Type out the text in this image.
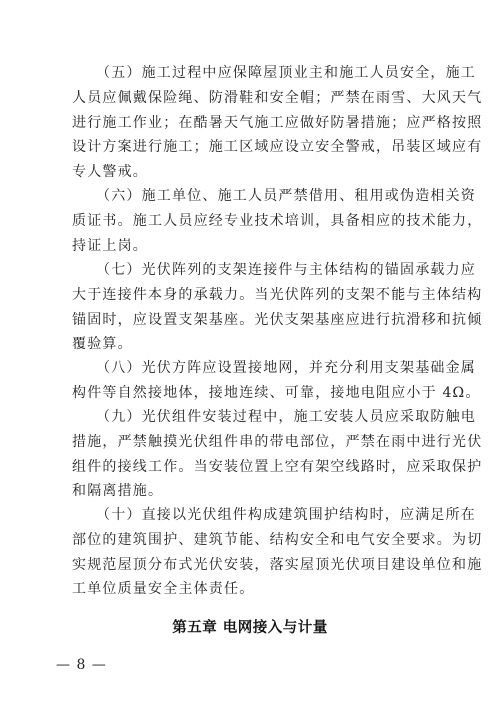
（五）施工过程中应保障屋顶业主和施工人员安全，施工
人员应佩戴保险绳、防滑鞋和安全帽；严禁在雨雪、大风天气
进行施工作业；在酷暑天气施工应做好防暑措施；应严格按照
设计方案进行施工；施工区域应设立安全警戒，吊装区域应有
专人警戒。
（六）施工单位、施工人员严禁借用、租用或伪造相关资
质证书。施工人员应经专业技术培训，具备相应的技术能力，
持证上岗。
（七）光伏阵列的支架连接件与主体结构的锚固承载力应
大于连接件本身的承载力。当光伏阵列的支架不能与主体结构
锚固时，应设置支架基座。光伏支架基座应进行抗滑移和抗倾
覆验算。
（八）光伏方阵应设置接地网，并充分利用支架基础金属
构件等自然接地体，接地连续、可靠，接地电阻应小于 4Ω。
（九）光伏组件安装过程中，施工安装人员应采取防触电
措施，严禁触摸光伏组件串的带电部位，严禁在雨中进行光伏
组件的接线工作。当安装位置上空有架空线路时，应采取保护
和隔离措施。
（十）直接以光伏组件构成建筑围护结构时，应满足所在
部位的建筑围护、建筑节能、结构安全和电气安全要求。为切
实规范屋顶分布式光伏安装，落实屋顶光伏项目建设单位和施
工单位质量安全主体责任。
第五章 电网接入与计量
— 8 —
